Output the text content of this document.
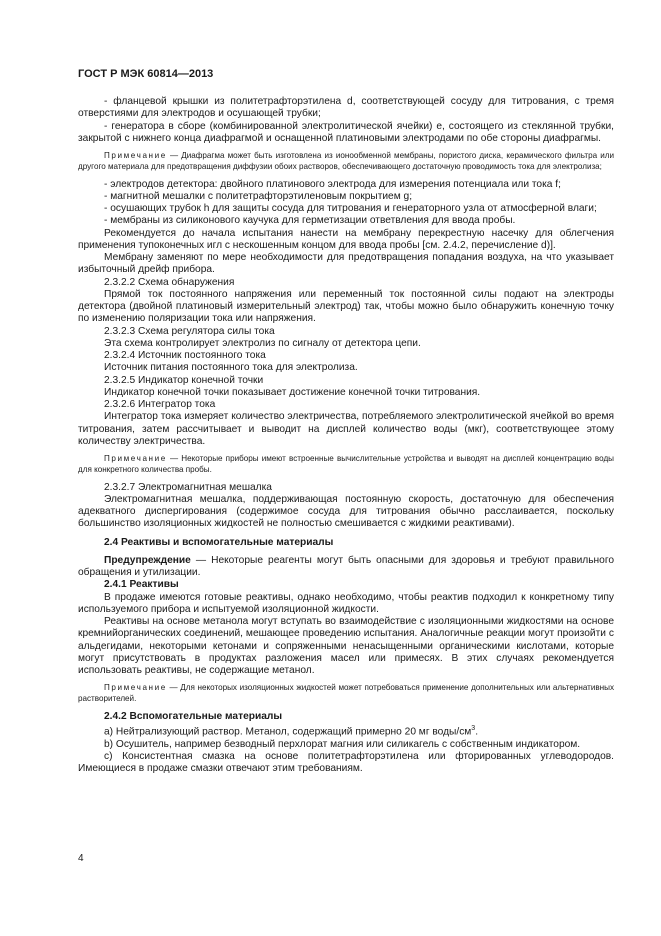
ГОСТ Р МЭК 60814—2013

- фланцевой крышки из политетрафторэтилена d, соответствующей сосуду для титрования, с тремя отверстиями для электродов и осушающей трубки;

- генератора в сборе (комбинированной электролитической ячейки) e, состоящего из стеклянной трубки, закрытой с нижнего конца диафрагмой и оснащенной платиновыми электродами по обе стороны диафрагмы.

Примечание — Диафрагма может быть изготовлена из ионообменной мембраны, пористого диска, керамического фильтра или другого материала для предотвращения диффузии обоих растворов, обеспечивающего достаточную проводимость тока для электролиза;

- электродов детектора: двойного платинового электрода для измерения потенциала или тока f;

- магнитной мешалки с политетрафторэтиленовым покрытием g;

- осушающих трубок h для защиты сосуда для титрования и генераторного узла от атмосферной влаги;

- мембраны из силиконового каучука для герметизации ответвления для ввода пробы.

Рекомендуется до начала испытания нанести на мембрану перекрестную насечку для облегчения применения тупоконечных игл с нескошенным концом для ввода пробы [см. 2.4.2, перечисление d)].

Мембрану заменяют по мере необходимости для предотвращения попадания воздуха, на что указывает избыточный дрейф прибора.

2.3.2.2 Схема обнаружения

Прямой ток постоянного напряжения или переменный ток постоянной силы подают на электроды детектора (двойной платиновый измерительный электрод) так, чтобы можно было обнаружить конечную точку по изменению поляризации тока или напряжения.

2.3.2.3 Схема регулятора силы тока

Эта схема контролирует электролиз по сигналу от детектора цепи.

2.3.2.4 Источник постоянного тока

Источник питания постоянного тока для электролиза.

2.3.2.5 Индикатор конечной точки

Индикатор конечной точки показывает достижение конечной точки титрования.

2.3.2.6 Интегратор тока

Интегратор тока измеряет количество электричества, потребляемого электролитической ячейкой во время титрования, затем рассчитывает и выводит на дисплей количество воды (мкг), соответствующее этому количеству электричества.

Примечание — Некоторые приборы имеют встроенные вычислительные устройства и выводят на дисплей концентрацию воды для конкретного количества пробы.

2.3.2.7 Электромагнитная мешалка

Электромагнитная мешалка, поддерживающая постоянную скорость, достаточную для обеспечения адекватного диспергирования (содержимое сосуда для титрования обычно расслаивается, поскольку большинство изоляционных жидкостей не полностью смешивается с жидкими реактивами).

2.4 Реактивы и вспомогательные материалы

Предупреждение — Некоторые реагенты могут быть опасными для здоровья и требуют правильного обращения и утилизации.

2.4.1 Реактивы

В продаже имеются готовые реактивы, однако необходимо, чтобы реактив подходил к конкретному типу используемого прибора и испытуемой изоляционной жидкости.

Реактивы на основе метанола могут вступать во взаимодействие с изоляционными жидкостями на основе кремнийорганических соединений, мешающее проведению испытания. Аналогичные реакции могут произойти с альдегидами, некоторыми кетонами и сопряженными ненасыщенными органическими кислотами, которые могут присутствовать в продуктах разложения масел или примесях. В этих случаях рекомендуется использовать реактивы, не содержащие метанол.

Примечание — Для некоторых изоляционных жидкостей может потребоваться применение дополнительных или альтернативных растворителей.

2.4.2 Вспомогательные материалы

a) Нейтрализующий раствор. Метанол, содержащий примерно 20 мг воды/$см^3$.

b) Осушитель, например безводный перхлорат магния или силикагель с собственным индикатором.

c) Консистентная смазка на основе политетрафторэтилена или фторированных углеводородов. Имеющиеся в продаже смазки отвечают этим требованиям.

4
